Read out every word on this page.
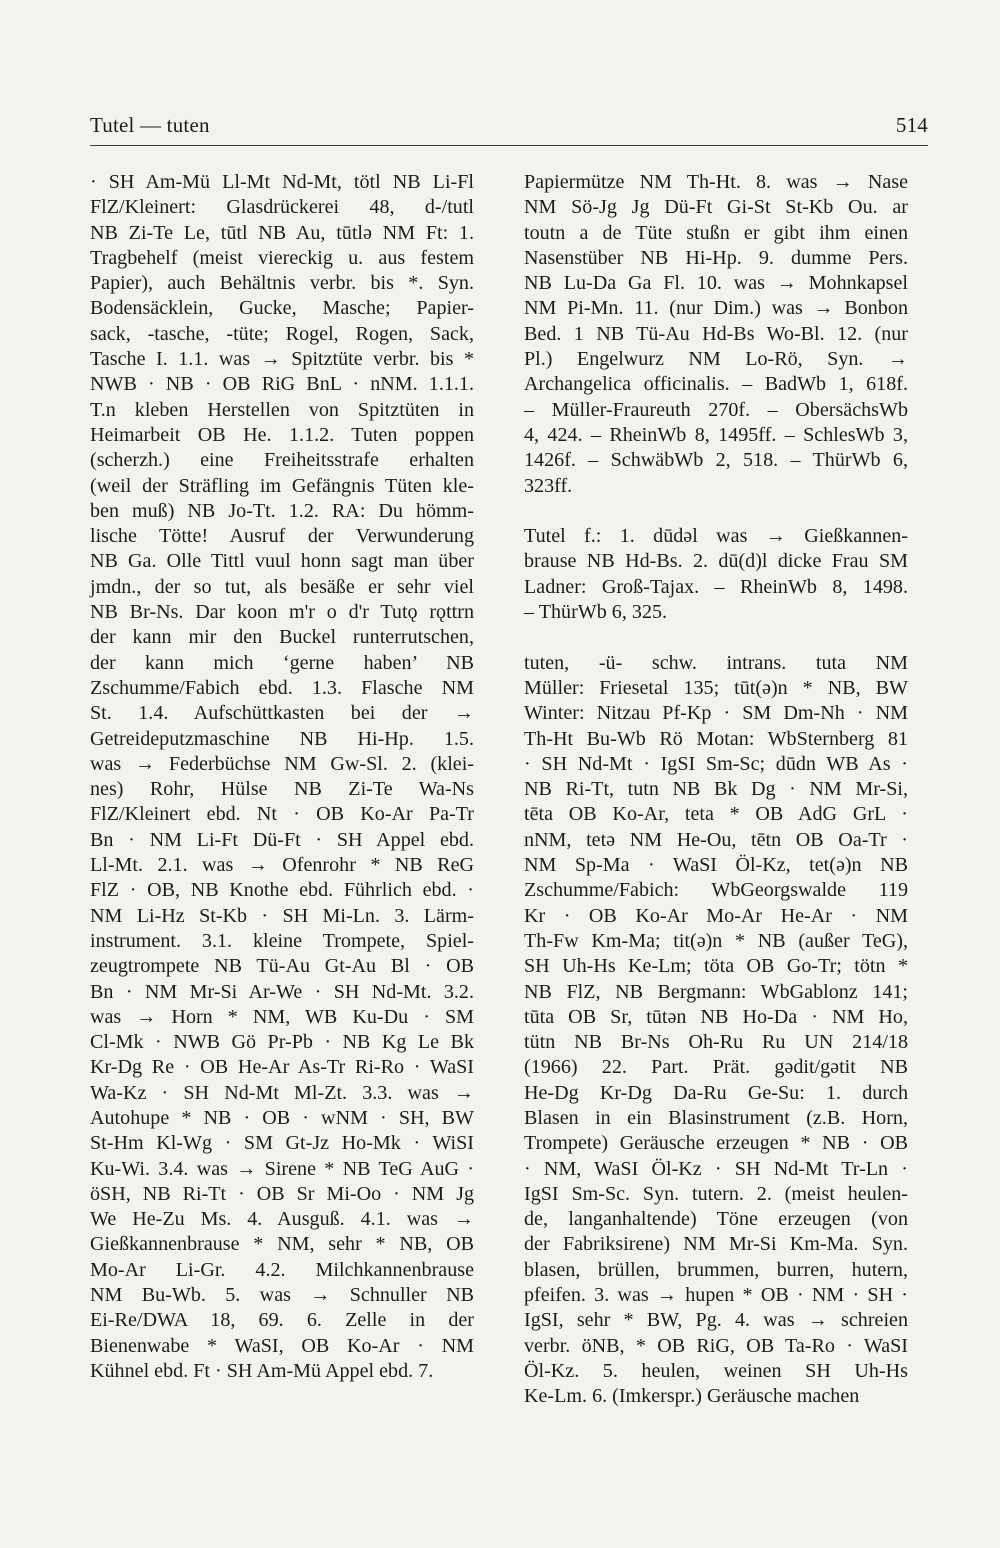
Tutel — tuten	514

· SH Am-Mü Ll-Mt Nd-Mt, tötl NB Li-Fl
FlZ/Kleinert: Glasdrückerei 48, d-/tutl
NB Zi-Te Le, tūtl NB Au, tūtlə NM Ft: 1.
Tragbehelf (meist viereckig u. aus festem
Papier), auch Behältnis verbr. bis *. Syn.
Bodensäcklein, Gucke, Masche; Papier-
sack, -tasche, -tüte; Rogel, Rogen, Sack,
Tasche I. 1.1. was → Spitztüte verbr. bis *
NWB · NB · OB RiG BnL · nNM. 1.1.1.
T.n kleben Herstellen von Spitztüten in
Heimarbeit OB He. 1.1.2. Tuten poppen
(scherzh.) eine Freiheitsstrafe erhalten
(weil der Sträfling im Gefängnis Tüten kle-
ben muß) NB Jo-Tt. 1.2. RA: Du hömm-
lische Tötte! Ausruf der Verwunderung
NB Ga. Olle Tittl vuul honn sagt man über
jmdn., der so tut, als besäße er sehr viel
NB Br-Ns. Dar koon m'r o d'r Tutǫ rǫttrn
der kann mir den Buckel runterrutschen,
der kann mich ‘gerne haben’ NB
Zschumme/Fabich ebd. 1.3. Flasche NM
St. 1.4. Aufschüttkasten bei der →
Getreideputzmaschine NB Hi-Hp. 1.5.
was → Federbüchse NM Gw-Sl. 2. (klei-
nes) Rohr, Hülse NB Zi-Te Wa-Ns
FlZ/Kleinert ebd. Nt · OB Ko-Ar Pa-Tr
Bn · NM Li-Ft Dü-Ft · SH Appel ebd.
Ll-Mt. 2.1. was → Ofenrohr * NB ReG
FlZ · OB, NB Knothe ebd. Führlich ebd. ·
NM Li-Hz St-Kb · SH Mi-Ln. 3. Lärm-
instrument. 3.1. kleine Trompete, Spiel-
zeugtrompete NB Tü-Au Gt-Au Bl · OB
Bn · NM Mr-Si Ar-We · SH Nd-Mt. 3.2.
was → Horn * NM, WB Ku-Du · SM
Cl-Mk · NWB Gö Pr-Pb · NB Kg Le Bk
Kr-Dg Re · OB He-Ar As-Tr Ri-Ro · WaSI
Wa-Kz · SH Nd-Mt Ml-Zt. 3.3. was →
Autohupe * NB · OB · wNM · SH, BW
St-Hm Kl-Wg · SM Gt-Jz Ho-Mk · WiSI
Ku-Wi. 3.4. was → Sirene * NB TeG AuG ·
öSH, NB Ri-Tt · OB Sr Mi-Oo · NM Jg
We He-Zu Ms. 4. Ausguß. 4.1. was →
Gießkannenbrause * NM, sehr * NB, OB
Mo-Ar Li-Gr. 4.2. Milchkannenbrause
NM Bu-Wb. 5. was → Schnuller NB
Ei-Re/DWA 18, 69. 6. Zelle in der
Bienenwabe * WaSI, OB Ko-Ar · NM
Kühnel ebd. Ft · SH Am-Mü Appel ebd. 7.

Papiermütze NM Th-Ht. 8. was → Nase
NM Sö-Jg Jg Dü-Ft Gi-St St-Kb Ou. ar
toutn a de Tüte stußn er gibt ihm einen
Nasenstüber NB Hi-Hp. 9. dumme Pers.
NB Lu-Da Ga Fl. 10. was → Mohnkapsel
NM Pi-Mn. 11. (nur Dim.) was → Bonbon
Bed. 1 NB Tü-Au Hd-Bs Wo-Bl. 12. (nur
Pl.) Engelwurz NM Lo-Rö, Syn. →
Archangelica officinalis. – BadWb 1, 618f.
– Müller-Fraureuth 270f. – ObersächsWb
4, 424. – RheinWb 8, 1495ff. – SchlesWb 3,
1426f. – SchwäbWb 2, 518. – ThürWb 6,
323ff.

Tutel f.: 1. dūdəl was → Gießkannen-
brause NB Hd-Bs. 2. dū(d)l dicke Frau SM
Ladner: Groß-Tajax. – RheinWb 8, 1498.
– ThürWb 6, 325.

tuten, -ü- schw. intrans. tuta NM
Müller: Friesetal 135; tūt(ə)n * NB, BW
Winter: Nitzau Pf-Kp · SM Dm-Nh · NM
Th-Ht Bu-Wb Rö Motan: WbSternberg 81
· SH Nd-Mt · IgSI Sm-Sc; dūdn WB As ·
NB Ri-Tt, tutn NB Bk Dg · NM Mr-Si,
tēta OB Ko-Ar, teta * OB AdG GrL ·
nNM, tetə NM He-Ou, tētn OB Oa-Tr ·
NM Sp-Ma · WaSI Öl-Kz, tet(ə)n NB
Zschumme/Fabich: WbGeorgswalde 119
Kr · OB Ko-Ar Mo-Ar He-Ar · NM
Th-Fw Km-Ma; tit(ə)n * NB (außer TeG),
SH Uh-Hs Ke-Lm; töta OB Go-Tr; tötn *
NB FlZ, NB Bergmann: WbGablonz 141;
tūta OB Sr, tūtən NB Ho-Da · NM Ho,
tütn NB Br-Ns Oh-Ru Ru UN 214/18
(1966) 22. Part. Prät. gədit/gətit NB
He-Dg Kr-Dg Da-Ru Ge-Su: 1. durch
Blasen in ein Blasinstrument (z.B. Horn,
Trompete) Geräusche erzeugen * NB · OB
· NM, WaSI Öl-Kz · SH Nd-Mt Tr-Ln ·
IgSI Sm-Sc. Syn. tutern. 2. (meist heulen-
de, langanhaltende) Töne erzeugen (von
der Fabriksirene) NM Mr-Si Km-Ma. Syn.
blasen, brüllen, brummen, burren, hutern,
pfeifen. 3. was → hupen * OB · NM · SH ·
IgSI, sehr * BW, Pg. 4. was → schreien
verbr. öNB, * OB RiG, OB Ta-Ro · WaSI
Öl-Kz. 5. heulen, weinen SH Uh-Hs
Ke-Lm. 6. (Imkerspr.) Geräusche machen
